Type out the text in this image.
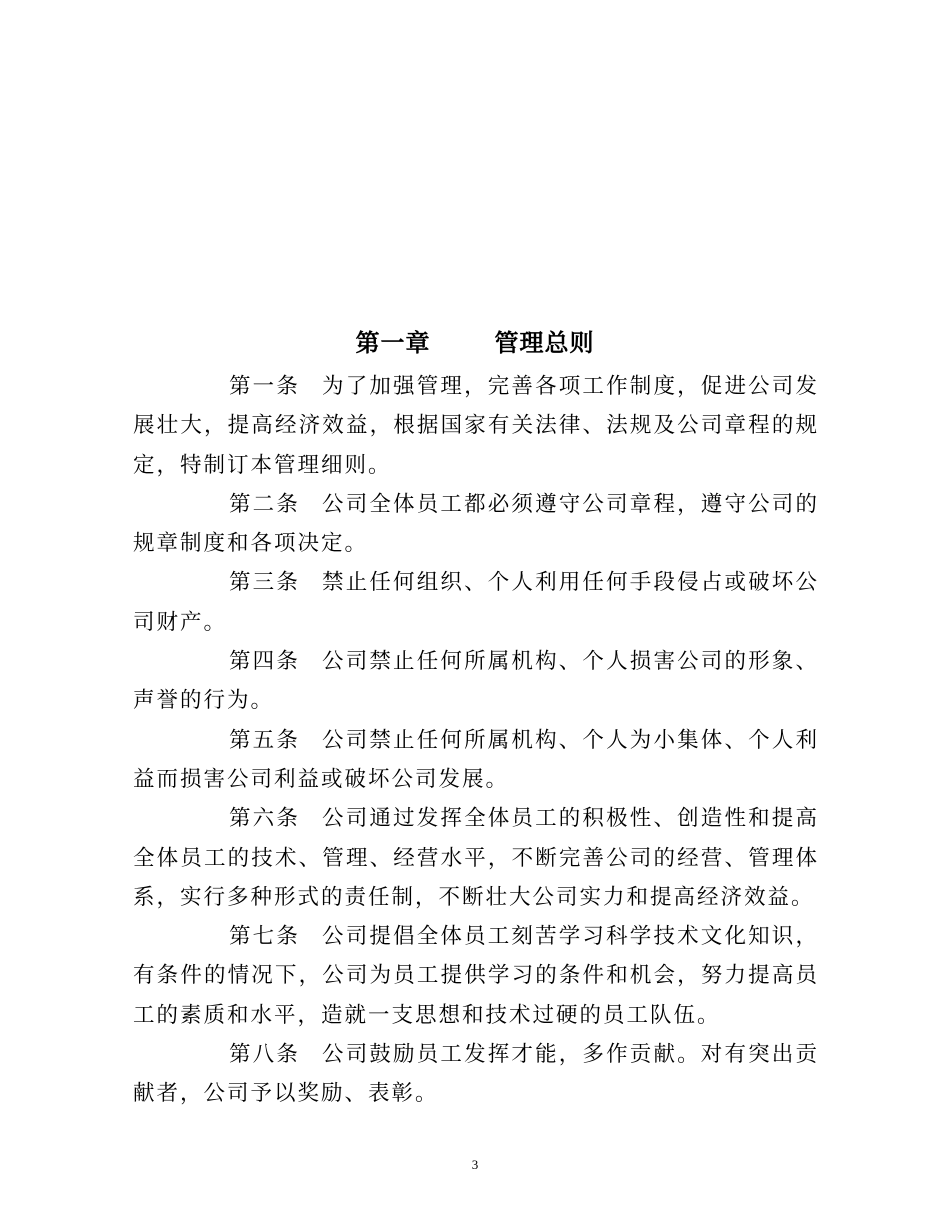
第一章	管理总则

第一条 为了加强管理，完善各项工作制度，促进公司发展壮大，提高经济效益，根据国家有关法律、法规及公司章程的规定，特制订本管理细则。

第二条 公司全体员工都必须遵守公司章程，遵守公司的规章制度和各项决定。

第三条 禁止任何组织、个人利用任何手段侵占或破坏公司财产。

第四条 公司禁止任何所属机构、个人损害公司的形象、声誉的行为。

第五条 公司禁止任何所属机构、个人为小集体、个人利益而损害公司利益或破坏公司发展。

第六条 公司通过发挥全体员工的积极性、创造性和提高全体员工的技术、管理、经营水平，不断完善公司的经营、管理体系，实行多种形式的责任制，不断壮大公司实力和提高经济效益。

第七条 公司提倡全体员工刻苦学习科学技术文化知识，有条件的情况下，公司为员工提供学习的条件和机会，努力提高员工的素质和水平，造就一支思想和技术过硬的员工队伍。

第八条 公司鼓励员工发挥才能，多作贡献。对有突出贡献者，公司予以奖励、表彰。

3
